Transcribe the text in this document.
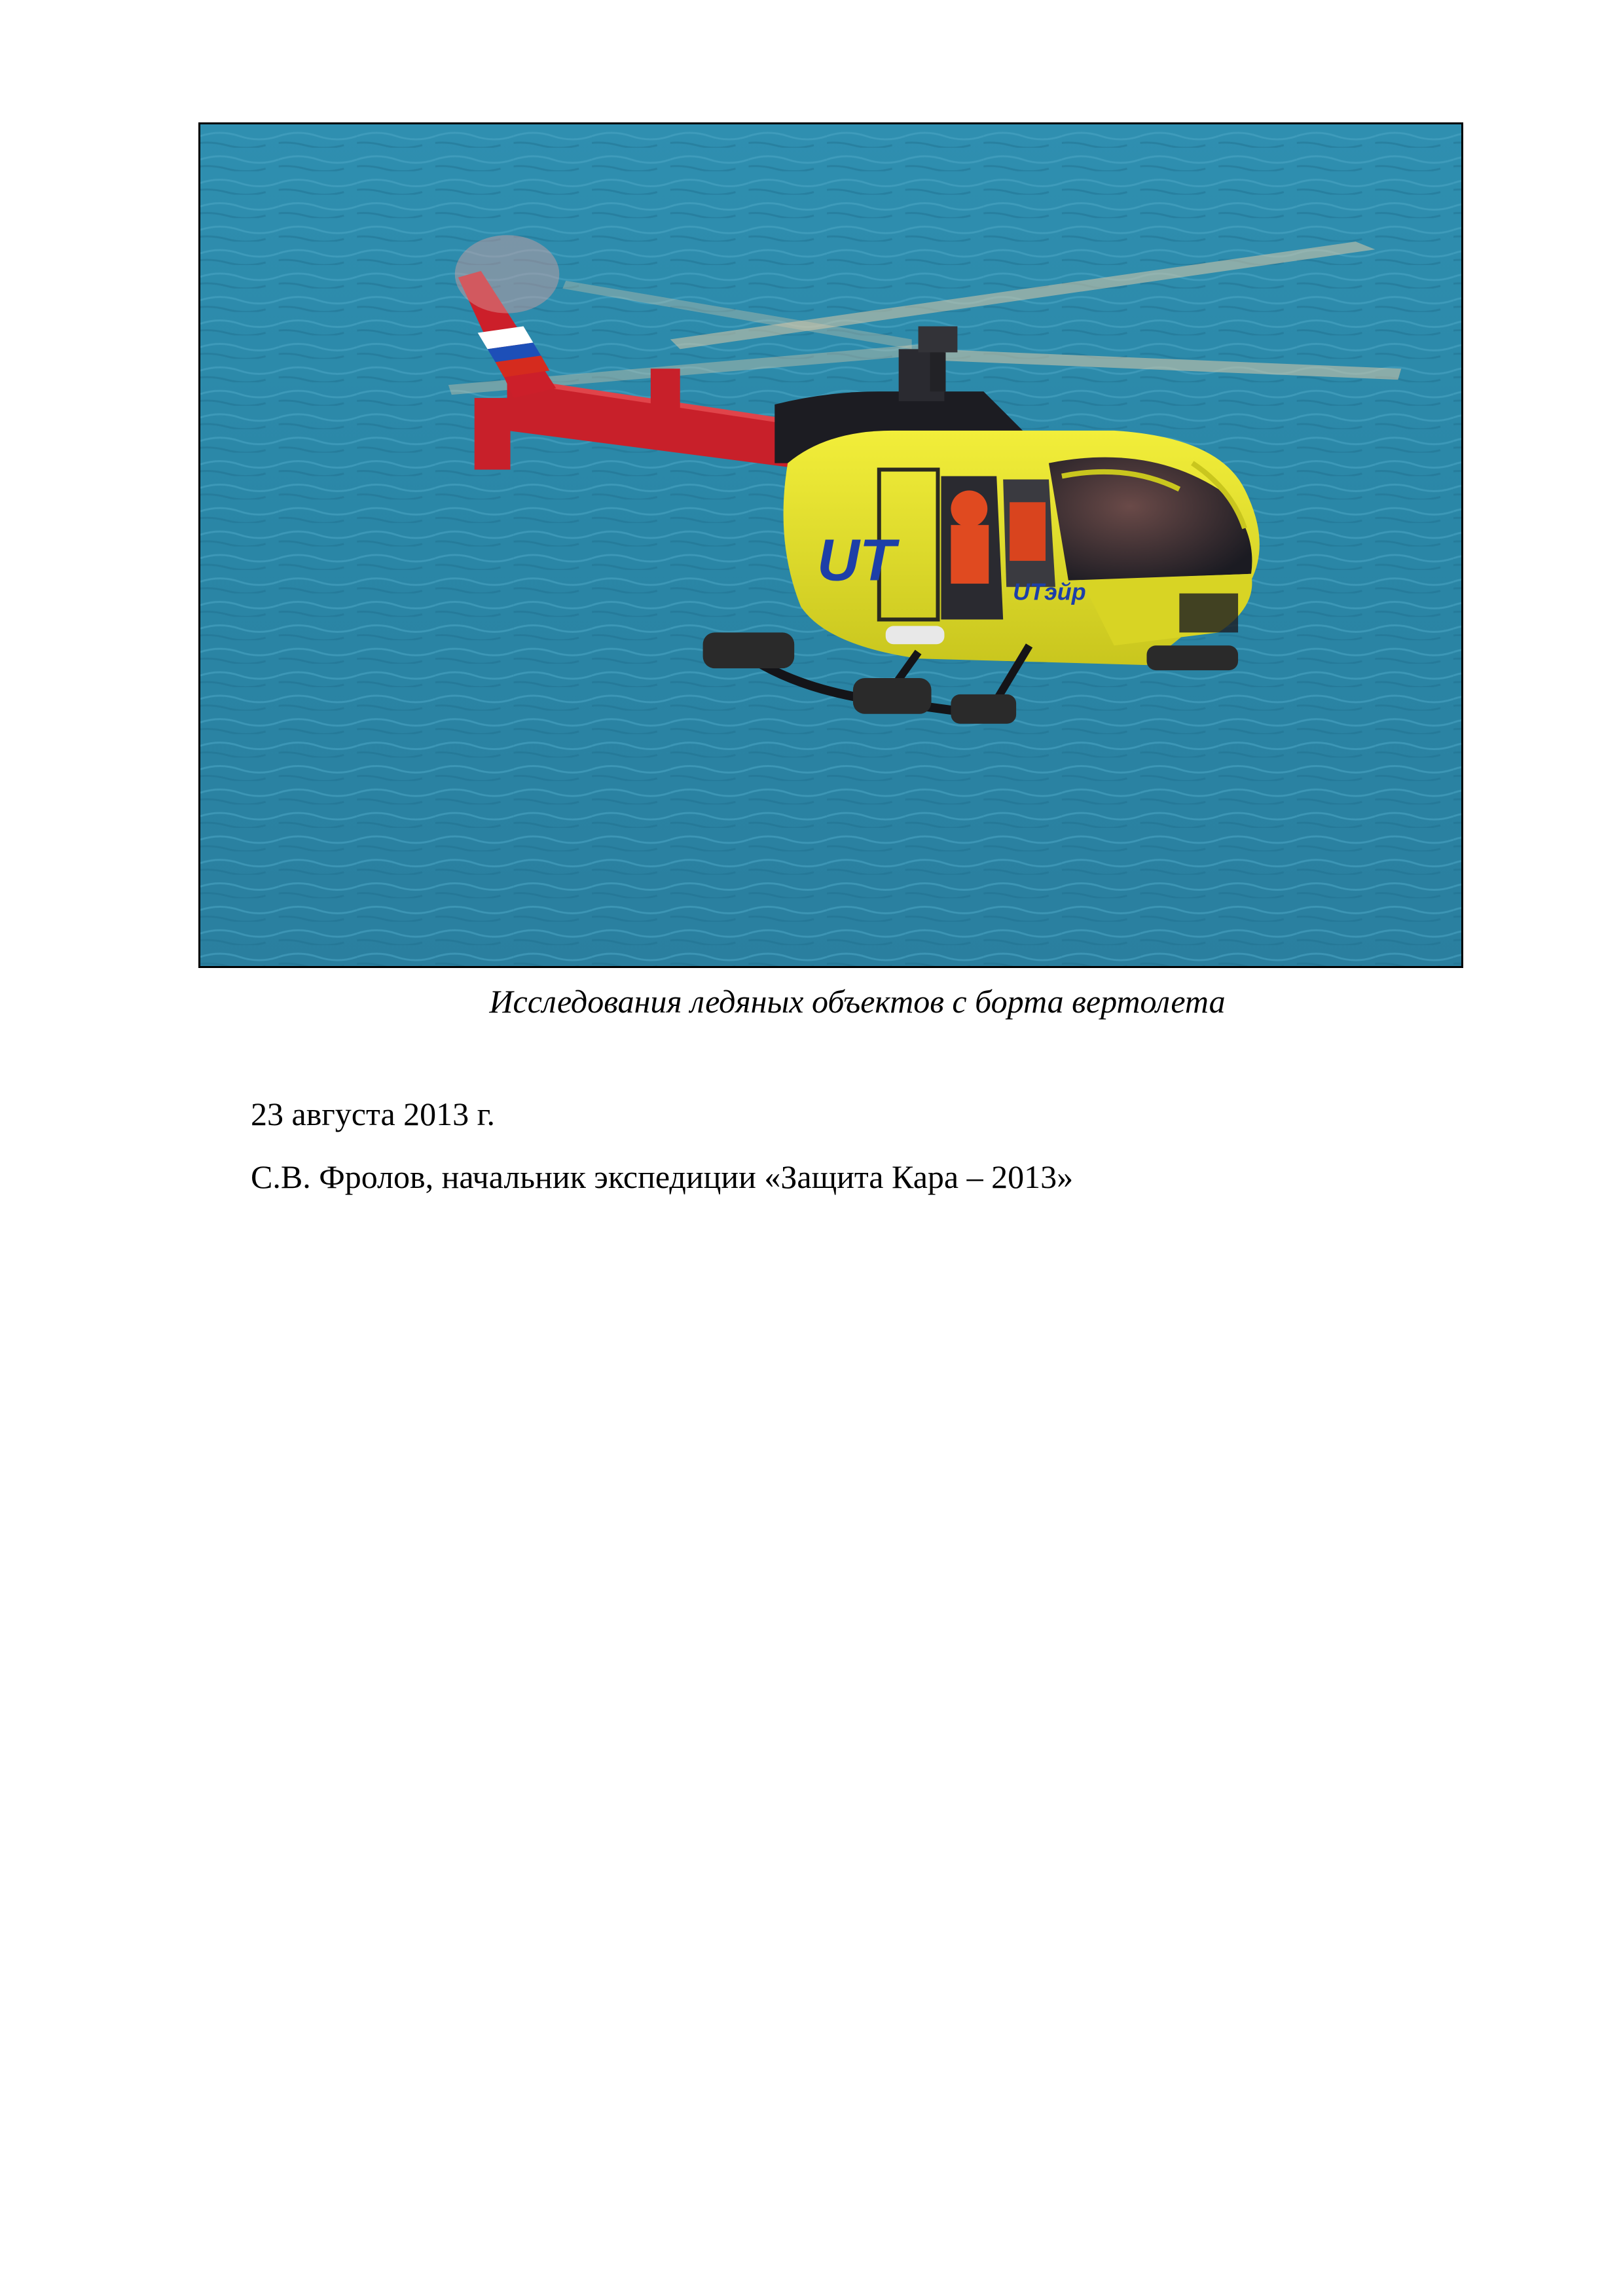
UT	UTэйр
Исследования ледяных объектов с борта вертолета
23 августа 2013 г.
С.В. Фролов, начальник экспедиции «Защита Кара – 2013»
